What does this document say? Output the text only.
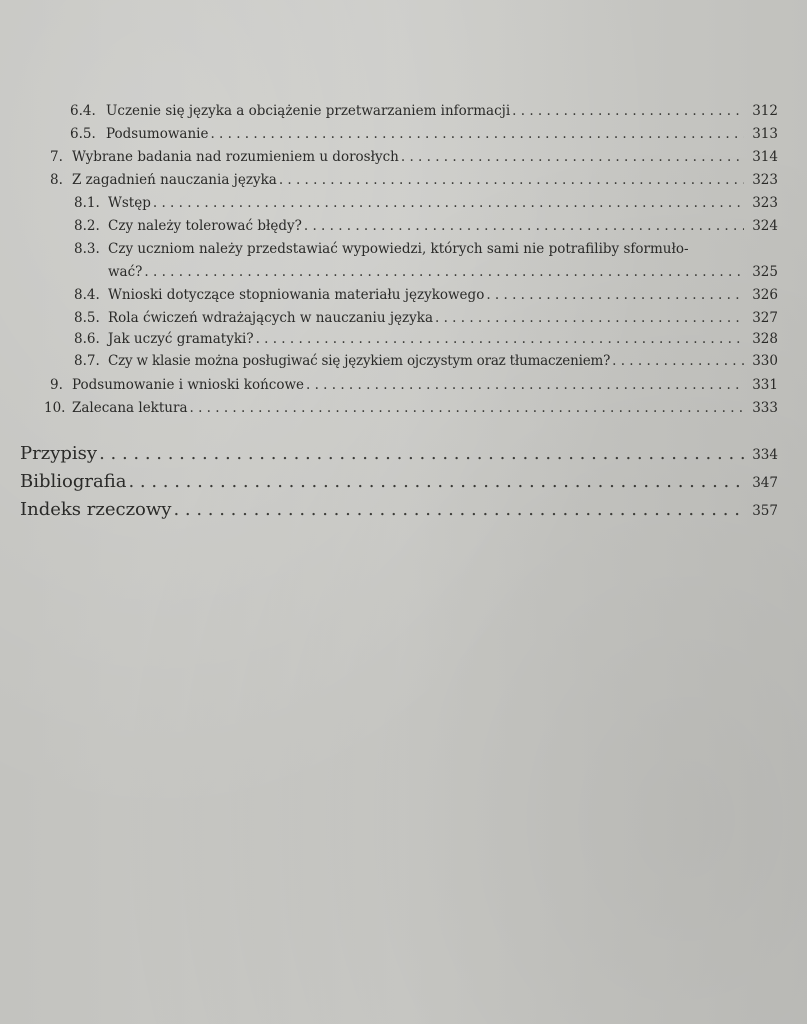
6.4. Uczenie się języka a obciążenie przetwarzaniem informacji . . .	312
6.5. Podsumowanie . . .	313
7. Wybrane badania nad rozumieniem u dorosłych . . .	314
8. Z zagadnień nauczania języka . . .	323
8.1. Wstęp . . .	323
8.2. Czy należy tolerować błędy? . . .	324
8.3. Czy uczniom należy przedstawiać wypowiedzi, których sami nie potrafiliby sformuło-
wać? . . .	325
8.4. Wnioski dotyczące stopniowania materiału językowego . . .	326
8.5. Rola ćwiczeń wdrażających w nauczaniu języka . . .	327
8.6. Jak uczyć gramatyki? . . .	328
8.7. Czy w klasie można posługiwać się językiem ojczystym oraz tłumaczeniem? . . .	330
9. Podsumowanie i wnioski końcowe . . .	331
10. Zalecana lektura . . .	333
Przypisy . . .	334
Bibliografia . . .	347
Indeks rzeczowy . . .	357
